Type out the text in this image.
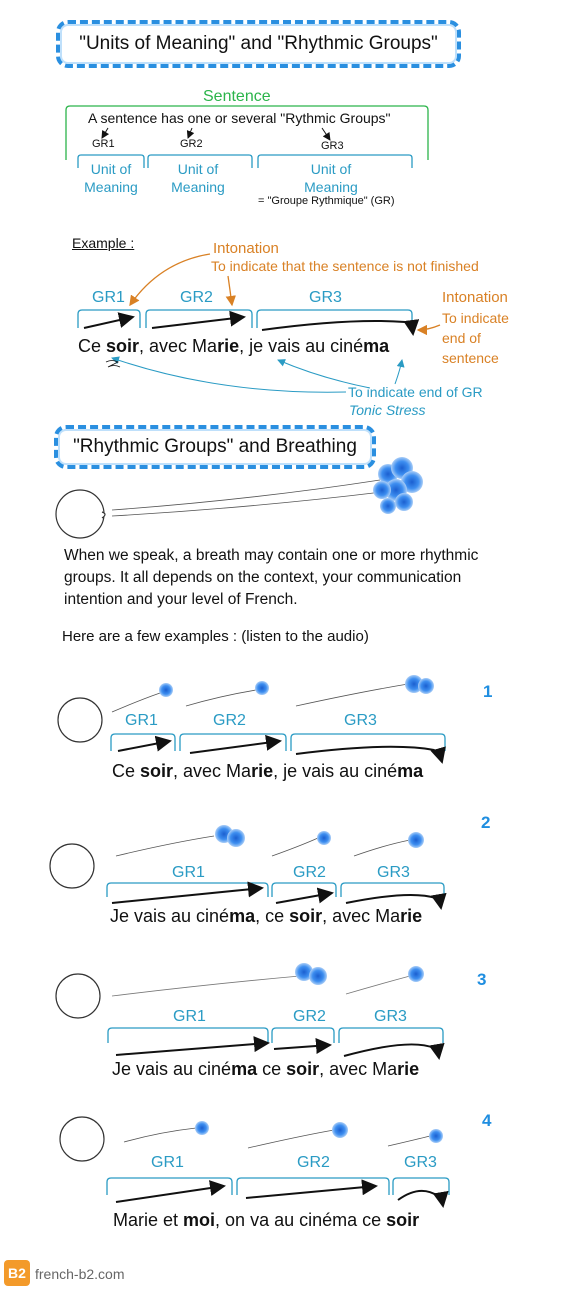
"Units of Meaning" and "Rhythmic Groups"
Sentence
A sentence has one or several "Rythmic Groups"
GR1	GR2	GR3
Unit of
Meaning
Unit of
Meaning
Unit of
Meaning
= "Groupe Rythmique" (GR)
Example :	Intonation
To indicate that the sentence is not finished
GR1	GR2	GR3	Intonation
To indicate
end of
sentence
Ce soir, avec Marie, je vais au cinéma
To indicate end of GR
Tonic Stress
"Rhythmic Groups" and Breathing
When we speak, a breath may contain one or more rhythmic
groups. It all depends on the context, your communication
intention and your level of French.
Here are a few examples : (listen to the audio)
1
GR1	GR2	GR3
Ce soir, avec Marie, je vais au cinéma
2
GR1	GR2	GR3
Je vais au cinéma, ce soir, avec Marie
3
GR1	GR2	GR3
Je vais au cinéma ce soir, avec Marie
4
GR1	GR2	GR3
Marie et moi, on va au cinéma ce soir
B2 french-b2.com
